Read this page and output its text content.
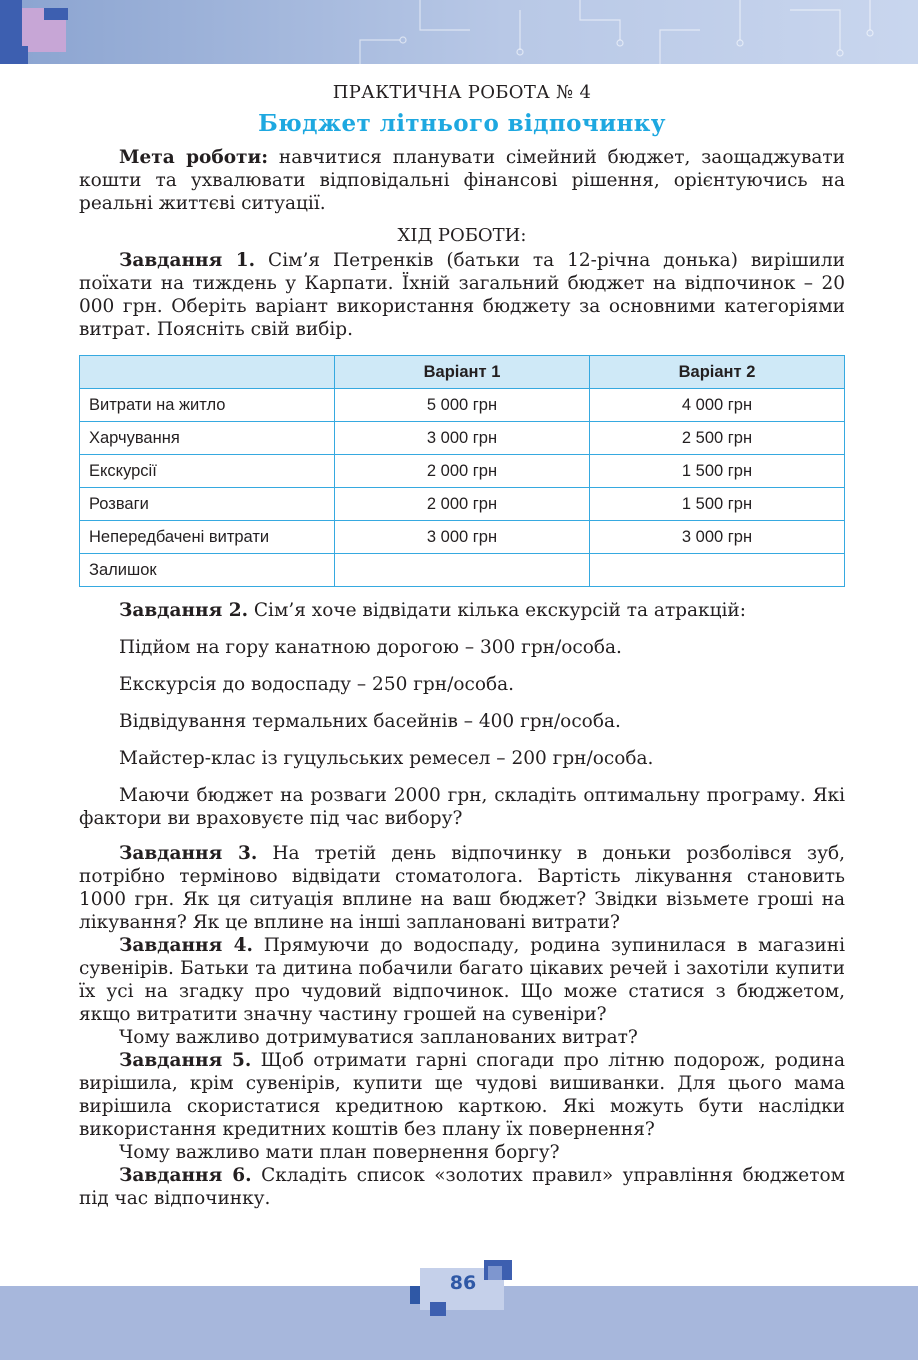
ПРАКТИЧНА РОБОТА № 4
Бюджет літнього відпочинку

Мета роботи: навчитися планувати сімейний бюджет, заощаджувати кошти та ухвалювати відповідальні фінансові рішення, орієнтуючись на реальні життєві ситуації.

ХІД РОБОТИ:

Завдання 1. Сім’я Петренків (батьки та 12-річна донька) вирішили поїхати на тиждень у Карпати. Їхній загальний бюджет на відпочинок – 20 000 грн. Оберіть варіант використання бюджету за основними категоріями витрат. Поясніть свій вибір.

	Варіант 1	Варіант 2
Витрати на житло	5 000 грн	4 000 грн
Харчування	3 000 грн	2 500 грн
Екскурсії	2 000 грн	1 500 грн
Розваги	2 000 грн	1 500 грн
Непередбачені витрати	3 000 грн	3 000 грн
Залишок		

Завдання 2. Сім’я хоче відвідати кілька екскурсій та атракцій:

Підйом на гору канатною дорогою – 300 грн/особа.

Екскурсія до водоспаду – 250 грн/особа.

Відвідування термальних басейнів – 400 грн/особа.

Майстер-клас із гуцульських ремесел – 200 грн/особа.

Маючи бюджет на розваги 2000 грн, складіть оптимальну програму. Які фактори ви враховуєте під час вибору?

Завдання 3. На третій день відпочинку в доньки розболівся зуб, потрібно терміново відвідати стоматолога. Вартість лікування становить 1000 грн. Як ця ситуація вплине на ваш бюджет? Звідки візьмете гроші на лікування? Як це вплине на інші заплановані витрати?

Завдання 4. Прямуючи до водоспаду, родина зупинилася в магазині сувенірів. Батьки та дитина побачили багато цікавих речей і захотіли купити їх усі на згадку про чудовий відпочинок. Що може статися з бюджетом, якщо витратити значну частину грошей на сувеніри?

Чому важливо дотримуватися запланованих витрат?

Завдання 5. Щоб отримати гарні спогади про літню подорож, родина вирішила, крім сувенірів, купити ще чудові вишиванки. Для цього мама вирішила скористатися кредитною карткою. Які можуть бути наслідки використання кредитних коштів без плану їх повернення?

Чому важливо мати план повернення боргу?

Завдання 6. Складіть список «золотих правил» управління бюджетом під час відпочинку.

86
